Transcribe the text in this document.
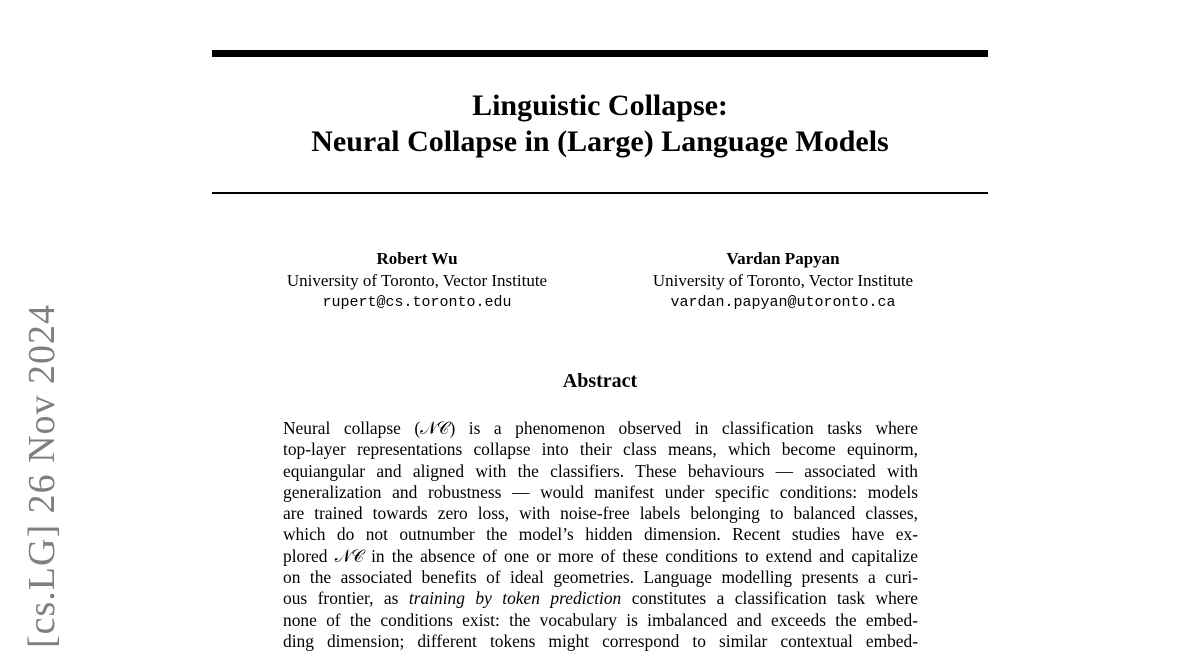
Linguistic Collapse:
Neural Collapse in (Large) Language Models
Robert Wu
University of Toronto, Vector Institute
rupert@cs.toronto.edu
Vardan Papyan
University of Toronto, Vector Institute
vardan.papyan@utoronto.ca
Abstract
Neural collapse (𝒩𝒞) is a phenomenon observed in classification tasks where
top-layer representations collapse into their class means, which become equinorm,
equiangular and aligned with the classifiers. These behaviours — associated with
generalization and robustness — would manifest under specific conditions: models
are trained towards zero loss, with noise-free labels belonging to balanced classes,
which do not outnumber the model’s hidden dimension. Recent studies have ex-
plored 𝒩𝒞 in the absence of one or more of these conditions to extend and capitalize
on the associated benefits of ideal geometries. Language modelling presents a curi-
ous frontier, as training by token prediction constitutes a classification task where
none of the conditions exist: the vocabulary is imbalanced and exceeds the embed-
ding dimension; different tokens might correspond to similar contextual embed-
[cs.LG] 26 Nov 2024
